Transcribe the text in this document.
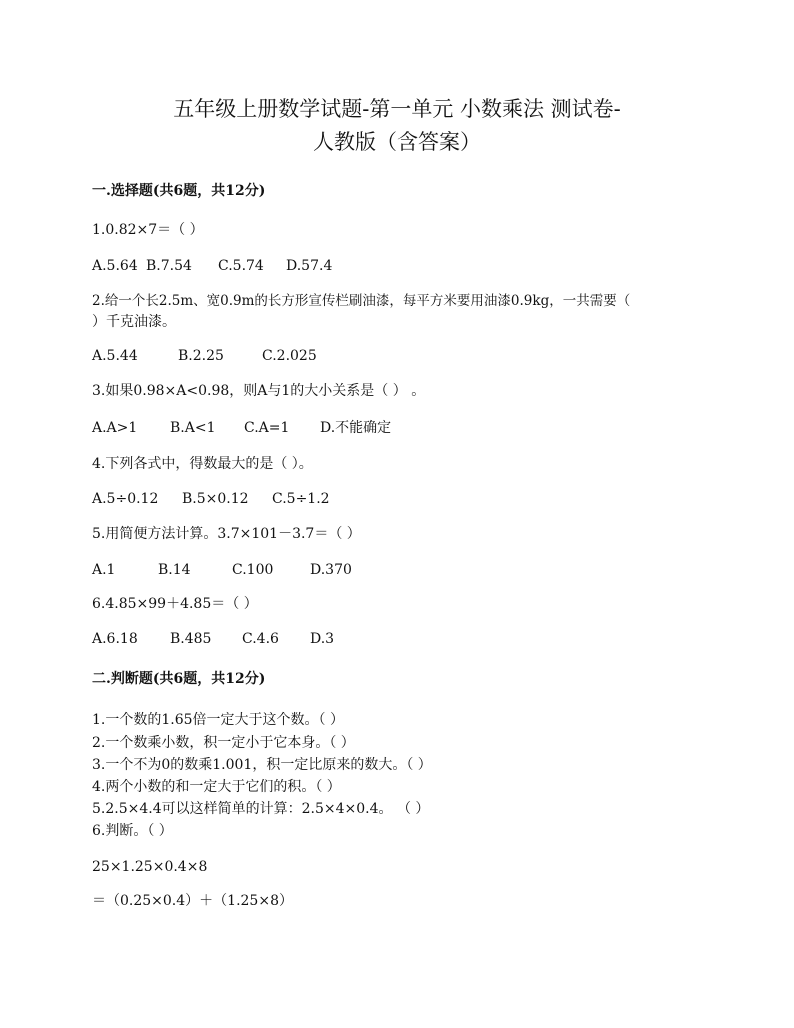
五年级上册数学试题-第一单元 小数乘法 测试卷-
人教版（含答案）
一.选择题(共6题，共12分)
1.0.82×7＝（ ）
A.5.64 B.7.54 C.5.74 D.57.4
2.给一个长2.5m、宽0.9m的长方形宣传栏刷油漆，每平方米要用油漆0.9kg，一共需要（
）千克油漆。
A.5.44	B.2.25	C.2.025
3.如果0.98×A<0.98，则A与1的大小关系是（ ） 。
A.A>1 B.A<1 C.A=1 D.不能确定
4.下列各式中，得数最大的是（ ）。
A.5÷0.12 B.5×0.12 C.5÷1.2
5.用简便方法计算。3.7×101－3.7＝（ ）
A.1	B.14	C.100	D.370
6.4.85×99＋4.85＝（ ）
A.6.18 B.485 C.4.6 D.3
二.判断题(共6题，共12分)
1.一个数的1.65倍一定大于这个数。（ ）
2.一个数乘小数，积一定小于它本身。（ ）
3.一个不为0的数乘1.001，积一定比原来的数大。（ ）
4.两个小数的和一定大于它们的积。（ ）
5.2.5×4.4可以这样简单的计算：2.5×4×0.4。 （ ）
6.判断。（ ）
25×1.25×0.4×8
＝（0.25×0.4）＋（1.25×8）
